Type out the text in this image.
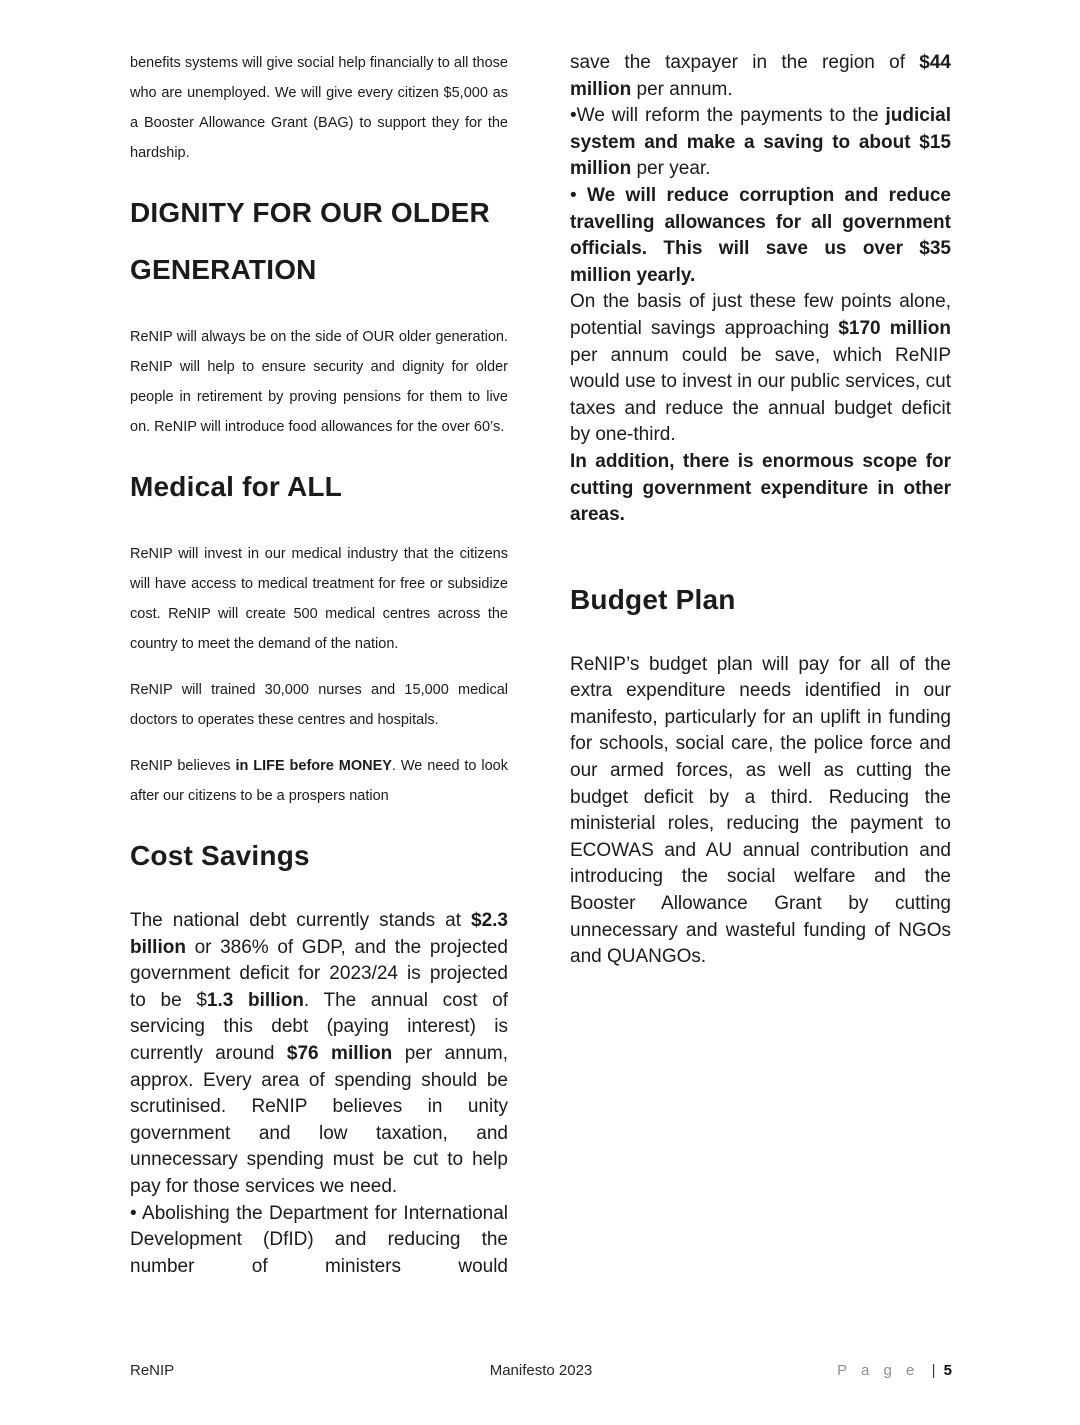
benefits systems will give social help financially to all those who are unemployed. We will give every citizen $5,000 as a Booster Allowance Grant (BAG) to support they for the hardship.

DIGNITY FOR OUR OLDER
GENERATION

ReNIP will always be on the side of OUR older generation. ReNIP will help to ensure security and dignity for older people in retirement by proving pensions for them to live on. ReNIP will introduce food allowances for the over 60’s.

Medical for ALL

ReNIP will invest in our medical industry that the citizens will have access to medical treatment for free or subsidize cost. ReNIP will create 500 medical centres across the country to meet the demand of the nation.

ReNIP will trained 30,000 nurses and 15,000 medical doctors to operates these centres and hospitals.

ReNIP believes in LIFE before MONEY. We need to look after our citizens to be a prospers nation

Cost Savings

The national debt currently stands at $2.3 billion or 386% of GDP, and the projected government deficit for 2023/24 is projected to be $1.3 billion. The annual cost of servicing this debt (paying interest) is currently around $76 million per annum, approx. Every area of spending should be scrutinised. ReNIP believes in unity government and low taxation, and unnecessary spending must be cut to help pay for those services we need.

• Abolishing the Department for International Development (DfID) and reducing the number of ministers would

save the taxpayer in the region of $44 million per annum.

•We will reform the payments to the judicial system and make a saving to about $15 million per year.

• We will reduce corruption and reduce travelling allowances for all government officials. This will save us over $35 million yearly.

On the basis of just these few points alone, potential savings approaching $170 million per annum could be save, which ReNIP would use to invest in our public services, cut taxes and reduce the annual budget deficit by one-third.

In addition, there is enormous scope for cutting government expenditure in other areas.

Budget Plan

ReNIP’s budget plan will pay for all of the extra expenditure needs identified in our manifesto, particularly for an uplift in funding for schools, social care, the police force and our armed forces, as well as cutting the budget deficit by a third. Reducing the ministerial roles, reducing the payment to ECOWAS and AU annual contribution and introducing the social welfare and the Booster Allowance Grant by cutting unnecessary and wasteful funding of NGOs and QUANGOs.

ReNIP	Manifesto 2023	P a g e | 5
